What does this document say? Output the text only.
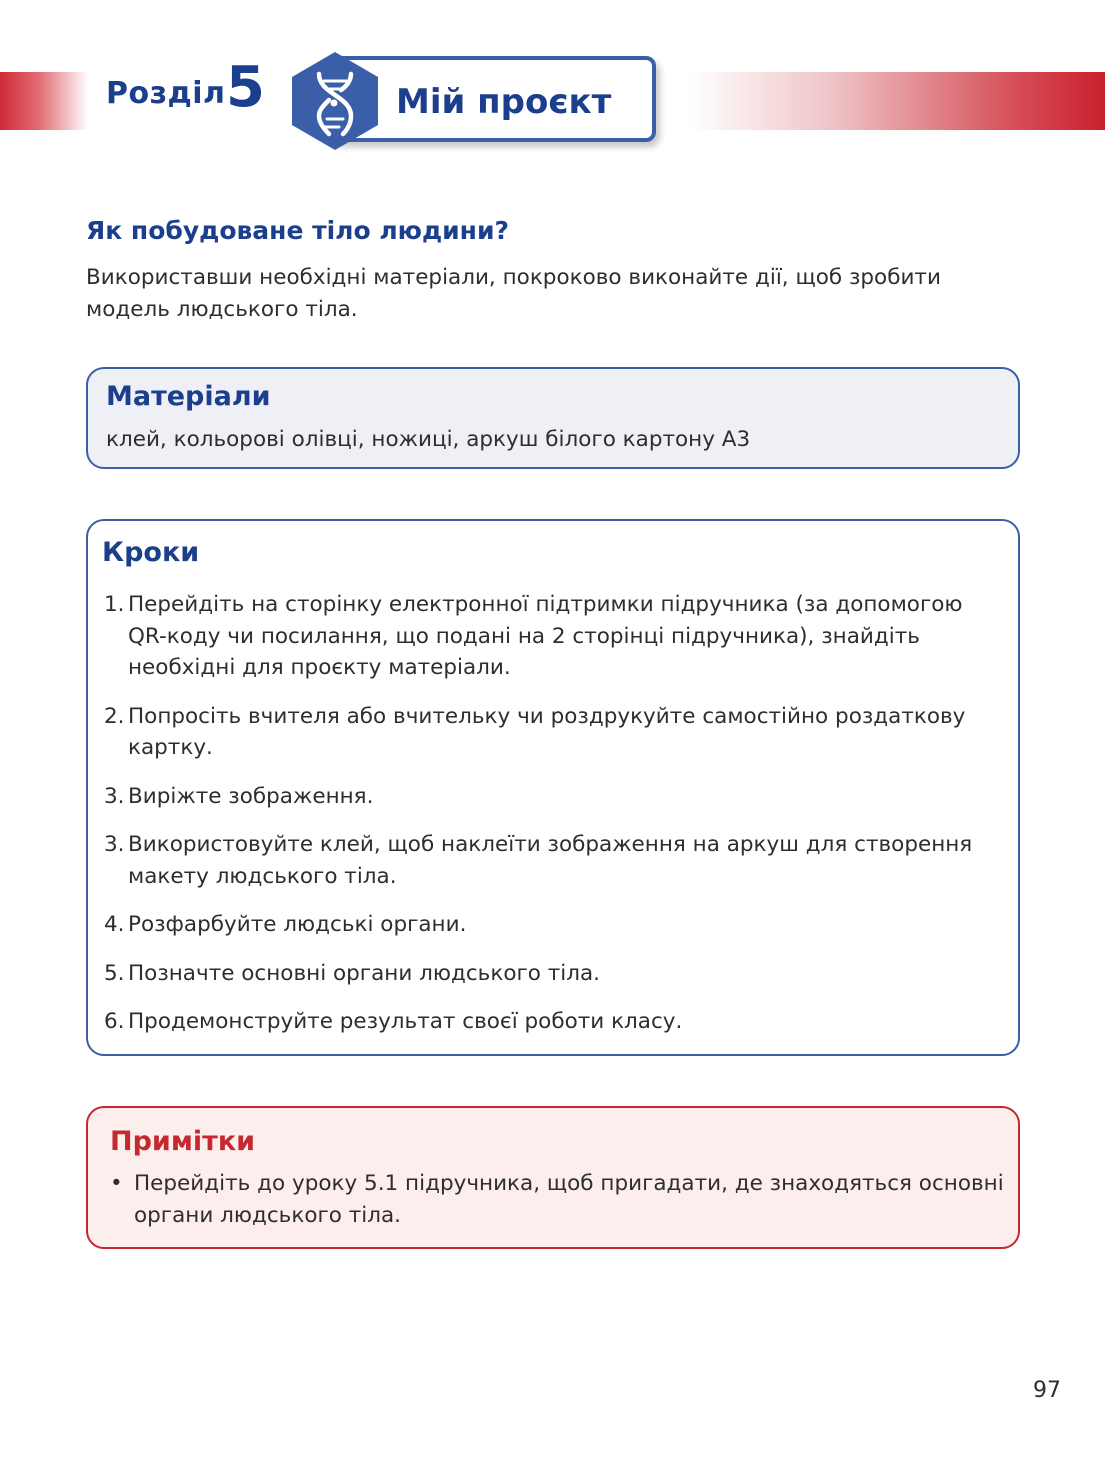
Розділ 5	Мій проєкт
Як побудоване тіло людини?
Використавши необхідні матеріали, покроково виконайте дії, щоб зробити модель людського тіла.
Матеріали
клей, кольорові олівці, ножиці, аркуш білого картону А3
Кроки
1. Перейдіть на сторінку електронної підтримки підручника (за допомогою QR-коду чи посилання, що подані на 2 сторінці підручника), знайдіть необхідні для проєкту матеріали.
2. Попросіть вчителя або вчительку чи роздрукуйте самостійно роздаткову картку.
3. Виріжте зображення.
3. Використовуйте клей, щоб наклеїти зображення на аркуш для створення макету людського тіла.
4. Розфарбуйте людські органи.
5. Позначте основні органи людського тіла.
6. Продемонструйте результат своєї роботи класу.
Примітки
• Перейдіть до уроку 5.1 підручника, щоб пригадати, де знаходяться основні органи людського тіла.
97
